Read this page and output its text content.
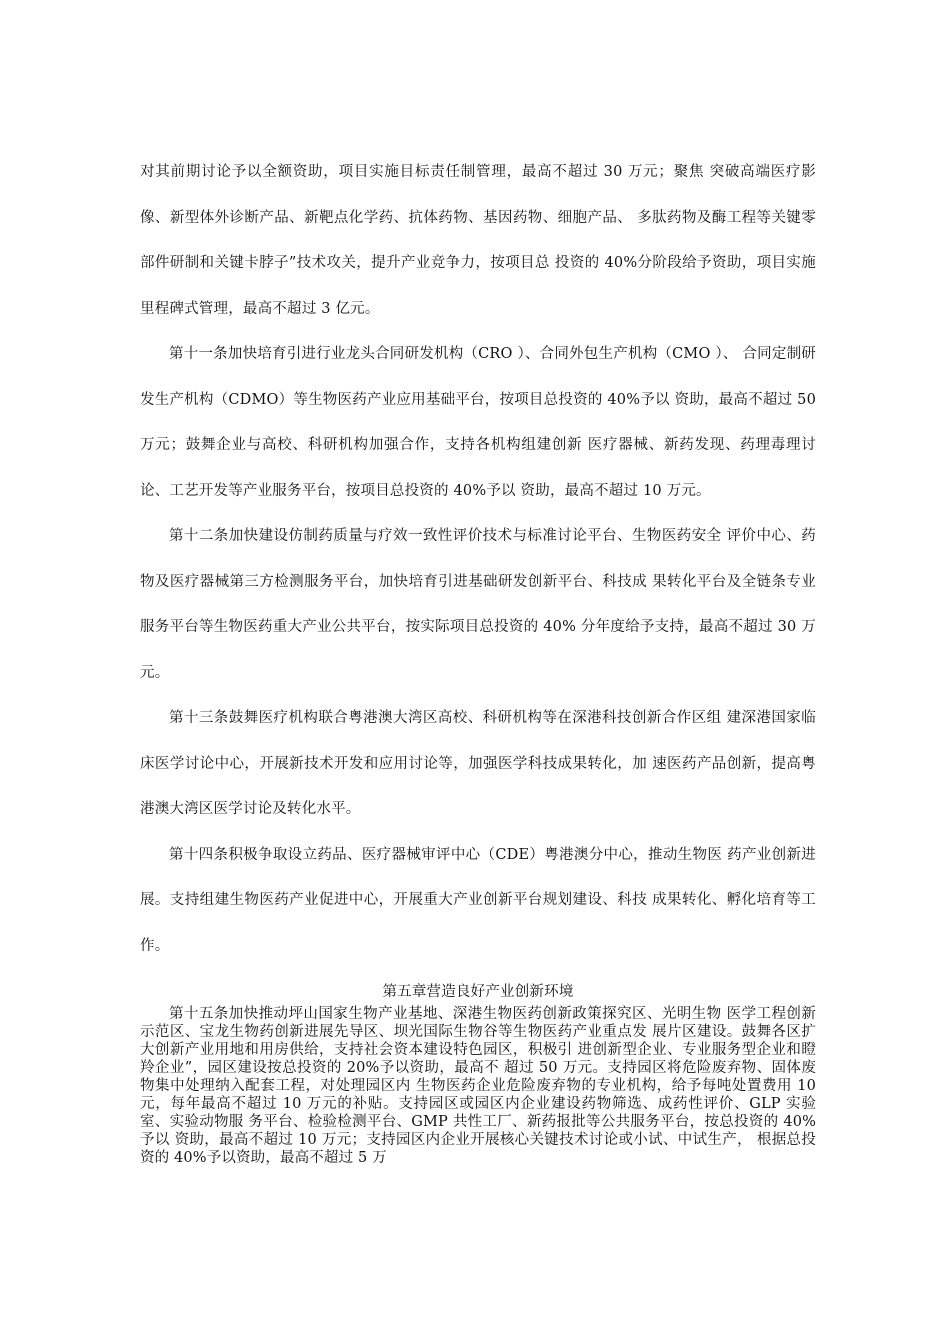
对其前期讨论予以全额资助，项目实施目标责任制管理，最高不超过 30 万元；聚焦 突破高端医疗影像、新型体外诊断产品、新靶点化学药、抗体药物、基因药物、细胞产品、 多肽药物及酶工程等关键零部件研制和关键卡脖子”技术攻关，提升产业竞争力，按项目总 投资的 40%分阶段给予资助，项目实施里程碑式管理，最高不超过 3 亿元。

第十一条加快培育引进行业龙头合同研发机构（CRO ）、合同外包生产机构（CMO ）、 合同定制研发生产机构（CDMO）等生物医药产业应用基础平台，按项目总投资的 40%予以 资助，最高不超过 50 万元；鼓舞企业与高校、科研机构加强合作，支持各机构组建创新 医疗器械、新药发现、药理毒理讨论、工艺开发等产业服务平台，按项目总投资的 40%予以 资助，最高不超过 10 万元。

第十二条加快建设仿制药质量与疗效一致性评价技术与标准讨论平台、生物医药安全 评价中心、药物及医疗器械第三方检测服务平台，加快培育引进基础研发创新平台、科技成 果转化平台及全链条专业服务平台等生物医药重大产业公共平台，按实际项目总投资的 40% 分年度给予支持，最高不超过 30 万元。

第十三条鼓舞医疗机构联合粤港澳大湾区高校、科研机构等在深港科技创新合作区组 建深港国家临床医学讨论中心，开展新技术开发和应用讨论等，加强医学科技成果转化，加 速医药产品创新，提高粤港澳大湾区医学讨论及转化水平。

第十四条积极争取设立药品、医疗器械审评中心（CDE）粤港澳分中心，推动生物医 药产业创新进展。支持组建生物医药产业促进中心，开展重大产业创新平台规划建设、科技 成果转化、孵化培育等工作。

第五章营造良好产业创新环境

第十五条加快推动坪山国家生物产业基地、深港生物医药创新政策探究区、光明生物 医学工程创新示范区、宝龙生物药创新进展先导区、坝光国际生物谷等生物医药产业重点发 展片区建设。鼓舞各区扩大创新产业用地和用房供给，支持社会资本建设特色园区，积极引 进创新型企业、专业服务型企业和瞪羚企业”，园区建设按总投资的 20%予以资助，最高不 超过 50 万元。支持园区将危险废弃物、固体废物集中处理纳入配套工程，对处理园区内 生物医药企业危险废弃物的专业机构，给予每吨处置费用 10 元，每年最高不超过 10 万元的补贴。支持园区或园区内企业建设药物筛选、成药性评价、GLP 实验室、实验动物服 务平台、检验检测平台、GMP 共性工厂、新药报批等公共服务平台，按总投资的 40%予以 资助，最高不超过 10 万元；支持园区内企业开展核心关键技术讨论或小试、中试生产， 根据总投资的 40%予以资助，最高不超过 5 万
